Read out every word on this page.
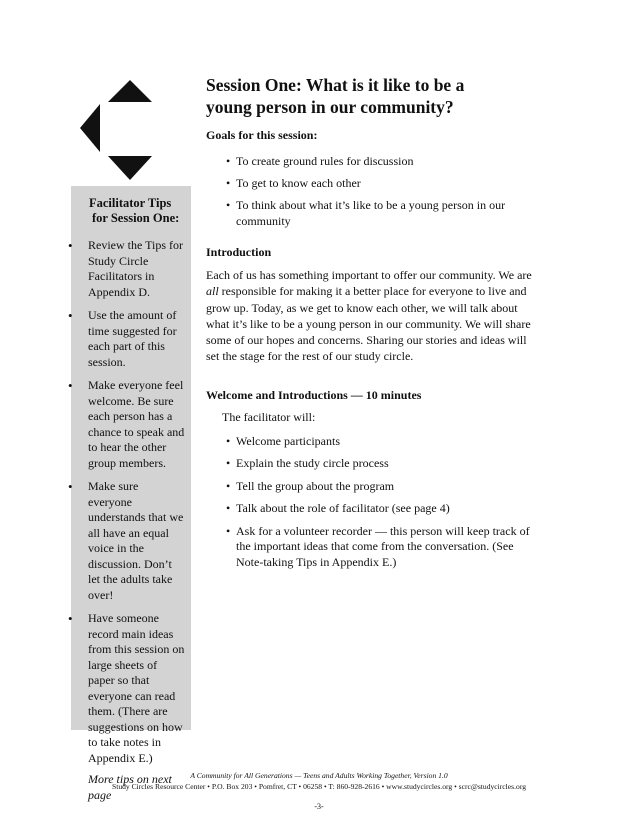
Facilitator Tips
for Session One:
• Review the Tips for Study Circle Facilitators in Appendix D.
• Use the amount of time suggested for each part of this session.
• Make everyone feel welcome. Be sure each person has a chance to speak and to hear the other group members.
• Make sure everyone understands that we all have an equal voice in the discussion. Don’t let the adults take over!
• Have someone record main ideas from this session on large sheets of paper so that everyone can read them. (There are suggestions on how to take notes in Appendix E.)
More tips on next page
Session One: What is it like to be a
young person in our community?
Goals for this session:
• To create ground rules for discussion
• To get to know each other
• To think about what it’s like to be a young person in our community
Introduction

Each of us has something important to offer our community. We are all responsible for making it a better place for everyone to live and grow up. Today, as we get to know each other, we will talk about what it’s like to be a young person in our community. We will share some of our hopes and concerns. Sharing our stories and ideas will set the stage for the rest of our study circle.

Welcome and Introductions — 10 minutes
The facilitator will:
• Welcome participants
• Explain the study circle process
• Tell the group about the program
• Talk about the role of facilitator (see page 4)
• Ask for a volunteer recorder — this person will keep track of the important ideas that come from the conversation. (See Note-taking Tips in Appendix E.)
A Community for All Generations — Teens and Adults Working Together, Version 1.0
Study Circles Resource Center • P.O. Box 203 • Pomfret, CT • 06258 • T: 860-928-2616 • www.studycircles.org • scrc@studycircles.org
-3-
